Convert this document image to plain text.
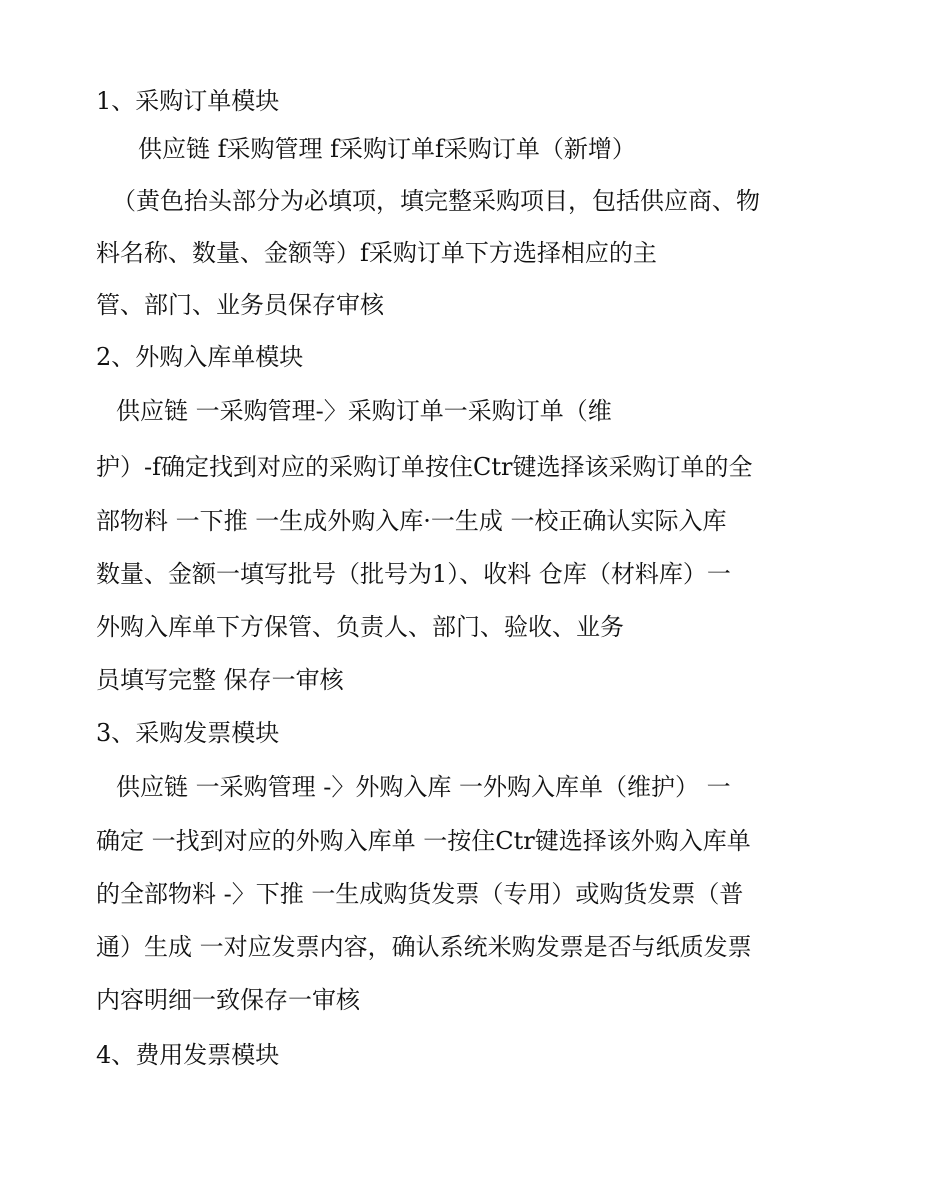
1、采购订单模块
供应链 f采购管理 f采购订单f采购订单（新增）
（黄色抬头部分为必填项，填完整采购项目，包括供应商、物
料名称、数量、金额等）f采购订单下方选择相应的主
管、部门、业务员保存审核
2、外购入库单模块
供应链 一采购管理-〉采购订单一采购订单（维
护）-f确定找到对应的采购订单按住Ctr键选择该采购订单的全
部物料 一下推 一生成外购入库·一生成 一校正确认实际入库
数量、金额一填写批号（批号为1）、收料 仓库（材料库）一
外购入库单下方保管、负责人、部门、验收、业务
员填写完整 保存一审核
3、采购发票模块
供应链 一采购管理 -〉外购入库 一外购入库单（维护） 一
确定 一找到对应的外购入库单 一按住Ctr键选择该外购入库单
的全部物料 -〉下推 一生成购货发票（专用）或购货发票（普
通）生成 一对应发票内容，确认系统米购发票是否与纸质发票
内容明细一致保存一审核
4、费用发票模块
